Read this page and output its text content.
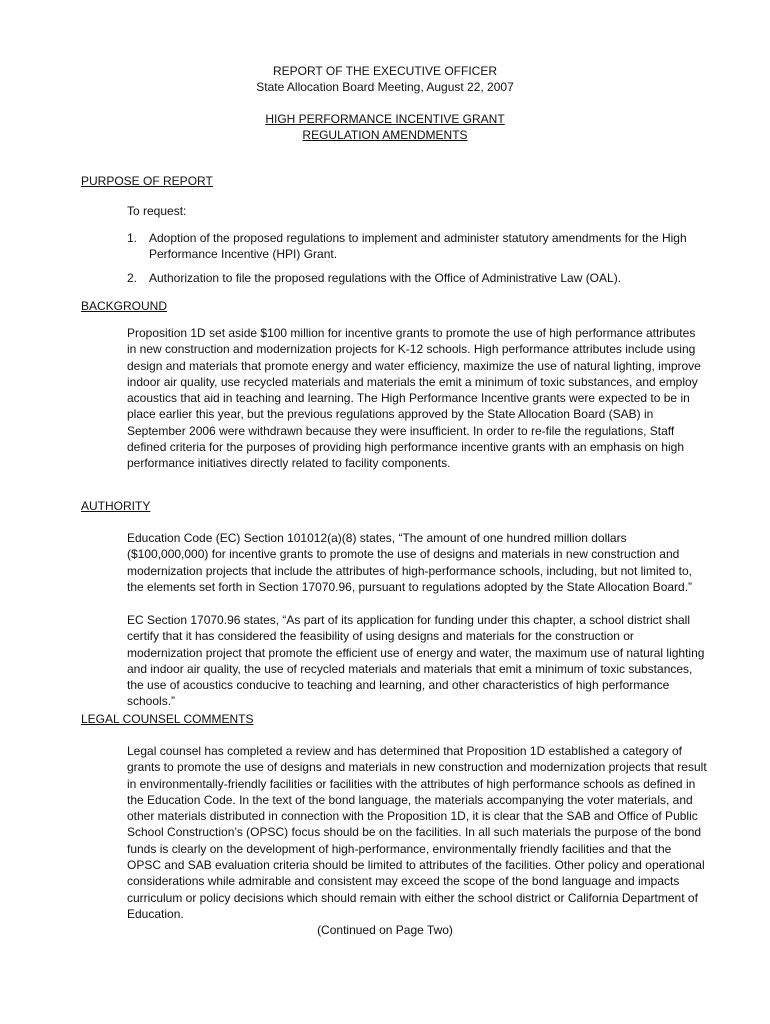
REPORT OF THE EXECUTIVE OFFICER
State Allocation Board Meeting, August 22, 2007
HIGH PERFORMANCE INCENTIVE GRANT
REGULATION AMENDMENTS
PURPOSE OF REPORT
To request:
1. Adoption of the proposed regulations to implement and administer statutory amendments for the High Performance Incentive (HPI) Grant.
2. Authorization to file the proposed regulations with the Office of Administrative Law (OAL).
BACKGROUND

Proposition 1D set aside $100 million for incentive grants to promote the use of high performance attributes in new construction and modernization projects for K-12 schools. High performance attributes include using design and materials that promote energy and water efficiency, maximize the use of natural lighting, improve indoor air quality, use recycled materials and materials the emit a minimum of toxic substances, and employ acoustics that aid in teaching and learning. The High Performance Incentive grants were expected to be in place earlier this year, but the previous regulations approved by the State Allocation Board (SAB) in September 2006 were withdrawn because they were insufficient. In order to re-file the regulations, Staff defined criteria for the purposes of providing high performance incentive grants with an emphasis on high performance initiatives directly related to facility components.

AUTHORITY

Education Code (EC) Section 101012(a)(8) states, “The amount of one hundred million dollars ($100,000,000) for incentive grants to promote the use of designs and materials in new construction and modernization projects that include the attributes of high-performance schools, including, but not limited to, the elements set forth in Section 17070.96, pursuant to regulations adopted by the State Allocation Board.”

EC Section 17070.96 states, “As part of its application for funding under this chapter, a school district shall certify that it has considered the feasibility of using designs and materials for the construction or modernization project that promote the efficient use of energy and water, the maximum use of natural lighting and indoor air quality, the use of recycled materials and materials that emit a minimum of toxic substances, the use of acoustics conducive to teaching and learning, and other characteristics of high performance schools.”

LEGAL COUNSEL COMMENTS

Legal counsel has completed a review and has determined that Proposition 1D established a category of grants to promote the use of designs and materials in new construction and modernization projects that result in environmentally-friendly facilities or facilities with the attributes of high performance schools as defined in the Education Code. In the text of the bond language, the materials accompanying the voter materials, and other materials distributed in connection with the Proposition 1D, it is clear that the SAB and Office of Public School Construction’s (OPSC) focus should be on the facilities. In all such materials the purpose of the bond funds is clearly on the development of high-performance, environmentally friendly facilities and that the OPSC and SAB evaluation criteria should be limited to attributes of the facilities. Other policy and operational considerations while admirable and consistent may exceed the scope of the bond language and impacts curriculum or policy decisions which should remain with either the school district or California Department of Education.

(Continued on Page Two)
